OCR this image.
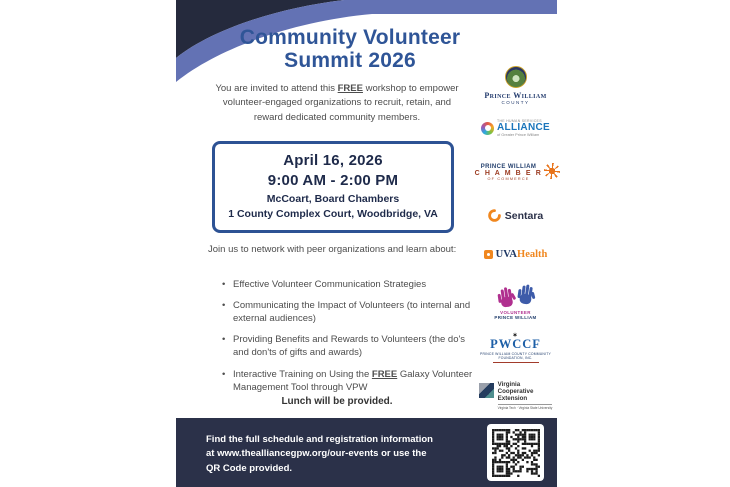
Community Volunteer
Summit 2026
You are invited to attend this FREE workshop to empower volunteer-engaged organizations to recruit, retain, and reward dedicated community members.
April 16, 2026
9:00 AM - 2:00 PM
McCoart, Board Chambers
1 County Complex Court, Woodbridge, VA
Join us to network with peer organizations and learn about:
• Effective Volunteer Communication Strategies
• Communicating the Impact of Volunteers (to internal and external audiences)
• Providing Benefits and Rewards to Volunteers (the do's and don'ts of gifts and awards)
• Interactive Training on Using the FREE Galaxy Volunteer Management Tool through VPW
Lunch will be provided.
Prince William
COUNTY
THE HUMAN SERVICES
ALLIANCE
of Greater Prince William
PRINCE WILLIAM
C H A M B E R
OF COMMERCE
Sentara
UVAHealth
VOLUNTEER
PRINCE WILLIAM
✶ PWCCF
PRINCE WILLIAM COUNTY COMMUNITY FOUNDATION, INC.
Virginia
Cooperative
Extension
Virginia Tech · Virginia State University
Find the full schedule and registration information at www.thealliancegpw.org/our-events or use the QR Code provided.
